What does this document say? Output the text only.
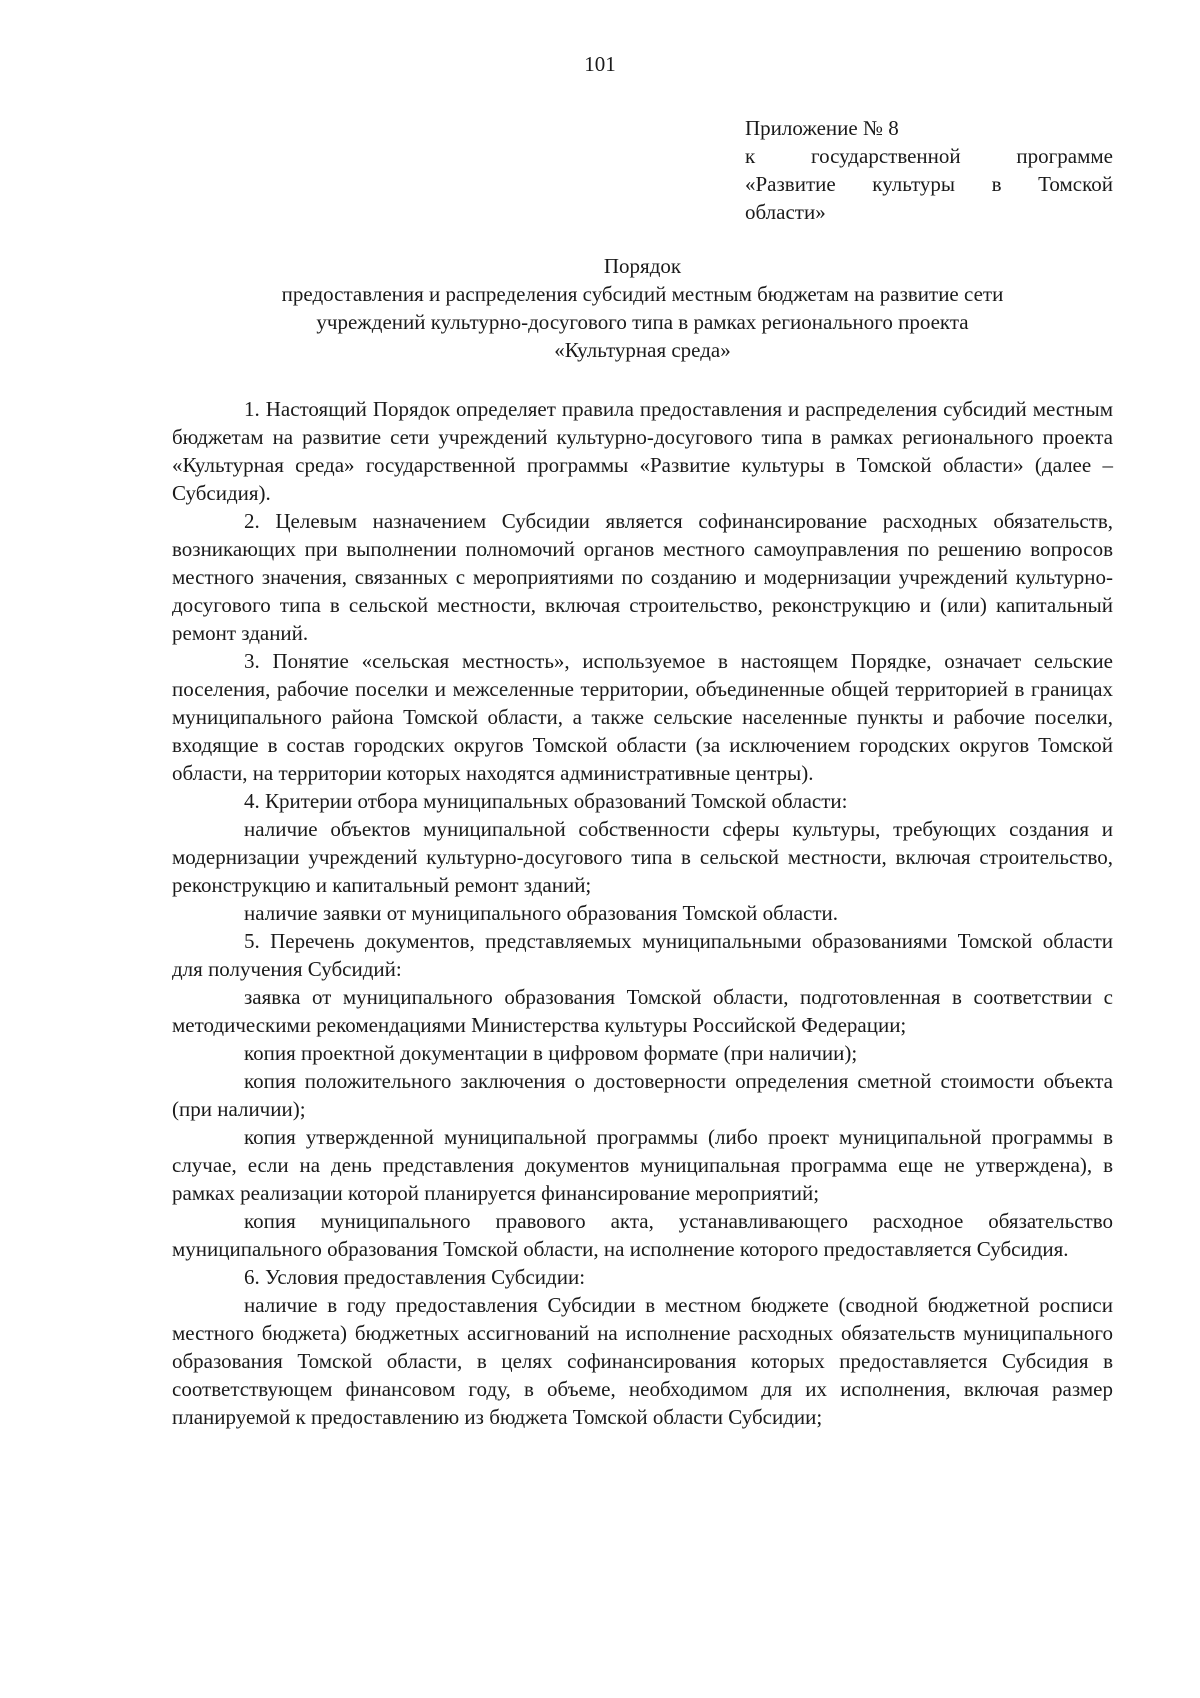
101
Приложение № 8
к государственной программе
«Развитие культуры в Томской
области»
Порядок
предоставления и распределения субсидий местным бюджетам на развитие сети
учреждений культурно-досугового типа в рамках регионального проекта
«Культурная среда»

1. Настоящий Порядок определяет правила предоставления и распределения субсидий местным бюджетам на развитие сети учреждений культурно-досугового типа в рамках регионального проекта «Культурная среда» государственной программы «Развитие культуры в Томской области» (далее – Субсидия).

2. Целевым назначением Субсидии является софинансирование расходных обязательств, возникающих при выполнении полномочий органов местного самоуправления по решению вопросов местного значения, связанных с мероприятиями по созданию и модернизации учреждений культурно-досугового типа в сельской местности, включая строительство, реконструкцию и (или) капитальный ремонт зданий.

3. Понятие «сельская местность», используемое в настоящем Порядке, означает сельские поселения, рабочие поселки и межселенные территории, объединенные общей территорией в границах муниципального района Томской области, а также сельские населенные пункты и рабочие поселки, входящие в состав городских округов Томской области (за исключением городских округов Томской области, на территории которых находятся административные центры).

4. Критерии отбора муниципальных образований Томской области:

наличие объектов муниципальной собственности сферы культуры, требующих создания и модернизации учреждений культурно-досугового типа в сельской местности, включая строительство, реконструкцию и капитальный ремонт зданий;

наличие заявки от муниципального образования Томской области.

5. Перечень документов, представляемых муниципальными образованиями Томской области для получения Субсидий:

заявка от муниципального образования Томской области, подготовленная в соответствии с методическими рекомендациями Министерства культуры Российской Федерации;

копия проектной документации в цифровом формате (при наличии);

копия положительного заключения о достоверности определения сметной стоимости объекта (при наличии);

копия утвержденной муниципальной программы (либо проект муниципальной программы в случае, если на день представления документов муниципальная программа еще не утверждена), в рамках реализации которой планируется финансирование мероприятий;

копия муниципального правового акта, устанавливающего расходное обязательство муниципального образования Томской области, на исполнение которого предоставляется Субсидия.

6. Условия предоставления Субсидии:

наличие в году предоставления Субсидии в местном бюджете (сводной бюджетной росписи местного бюджета) бюджетных ассигнований на исполнение расходных обязательств муниципального образования Томской области, в целях софинансирования которых предоставляется Субсидия в соответствующем финансовом году, в объеме, необходимом для их исполнения, включая размер планируемой к предоставлению из бюджета Томской области Субсидии;
